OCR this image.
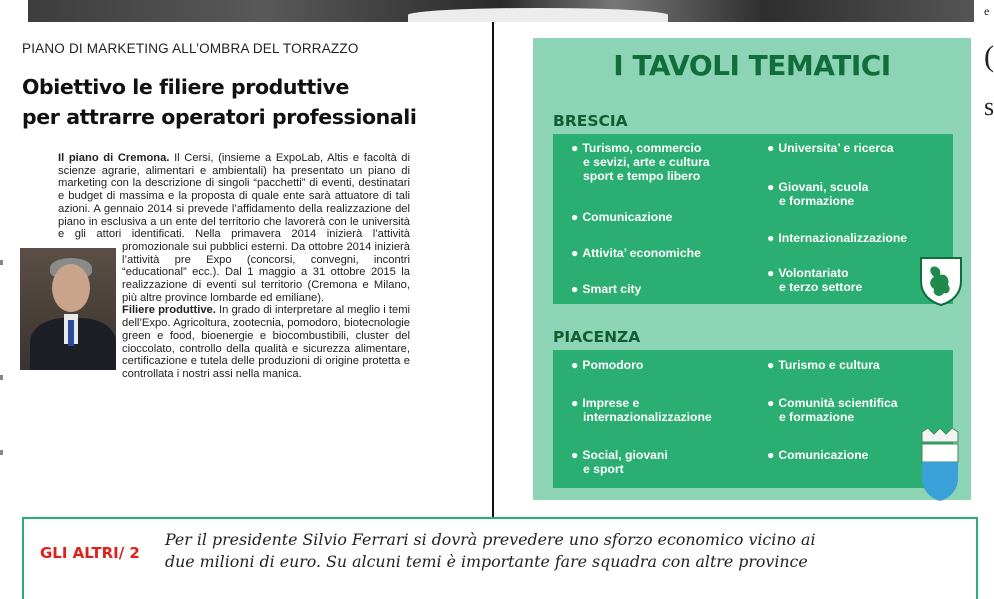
(
s
e
PIANO DI MARKETING ALL’OMBRA DEL TORRAZZO
Obiettivo le filiere produttive
per attrarre operatori professionali

Il piano di Cremona. Il Cersi, (insieme a ExpoLab, Altis e facoltà di scienze agrarie, alimentari e ambientali) ha presentato un piano di marketing con la descrizione di singoli “pacchetti” di eventi, destinatari e budget di massima e la proposta di quale ente sarà attuatore di tali azioni. A gennaio 2014 si prevede l’affidamento della realizzazione del piano in esclusiva a un ente del territorio che lavorerà con le università e gli attori identificati. Nella primavera 2014 inizierà l’attività promozionale sui pubblici esterni. Da ottobre 2014 inizierà l’attività pre Expo (concorsi, convegni, incontri “educational” ecc.). Dal 1 maggio a 31 ottobre 2015 la realizzazione di eventi sul territorio (Cremona e Milano, più altre province lombarde ed emiliane).

Filiere produttive. In grado di interpretare al meglio i temi dell’Expo. Agricoltura, zootecnia, pomodoro, biotecnologie green e food, bioenergie e biocombustibili, cluster del cioccolato, controllo della qualità e sicurezza alimentare, certificazione e tutela delle produzioni di origine protetta e controllata i nostri assi nella manica.

I TAVOLI TEMATICI
BRESCIA
● Turismo, commercio
e sevizi, arte e cultura
sport e tempo libero
● Comunicazione
● Attivita’ economiche
● Smart city
● Universita’ e ricerca
● Giovani, scuola
e formazione
● Internazionalizzazione
● Volontariato
e terzo settore
PIACENZA
● Pomodoro
● Imprese e
internazionalizzazione
● Social, giovani
e sport
● Turismo e cultura
● Comunità scientifica
e formazione
● Comunicazione
GLI ALTRI/ 2
Per il presidente Silvio Ferrari si dovrà prevedere uno sforzo economico vicino ai
due milioni di euro. Su alcuni temi è importante fare squadra con altre province
